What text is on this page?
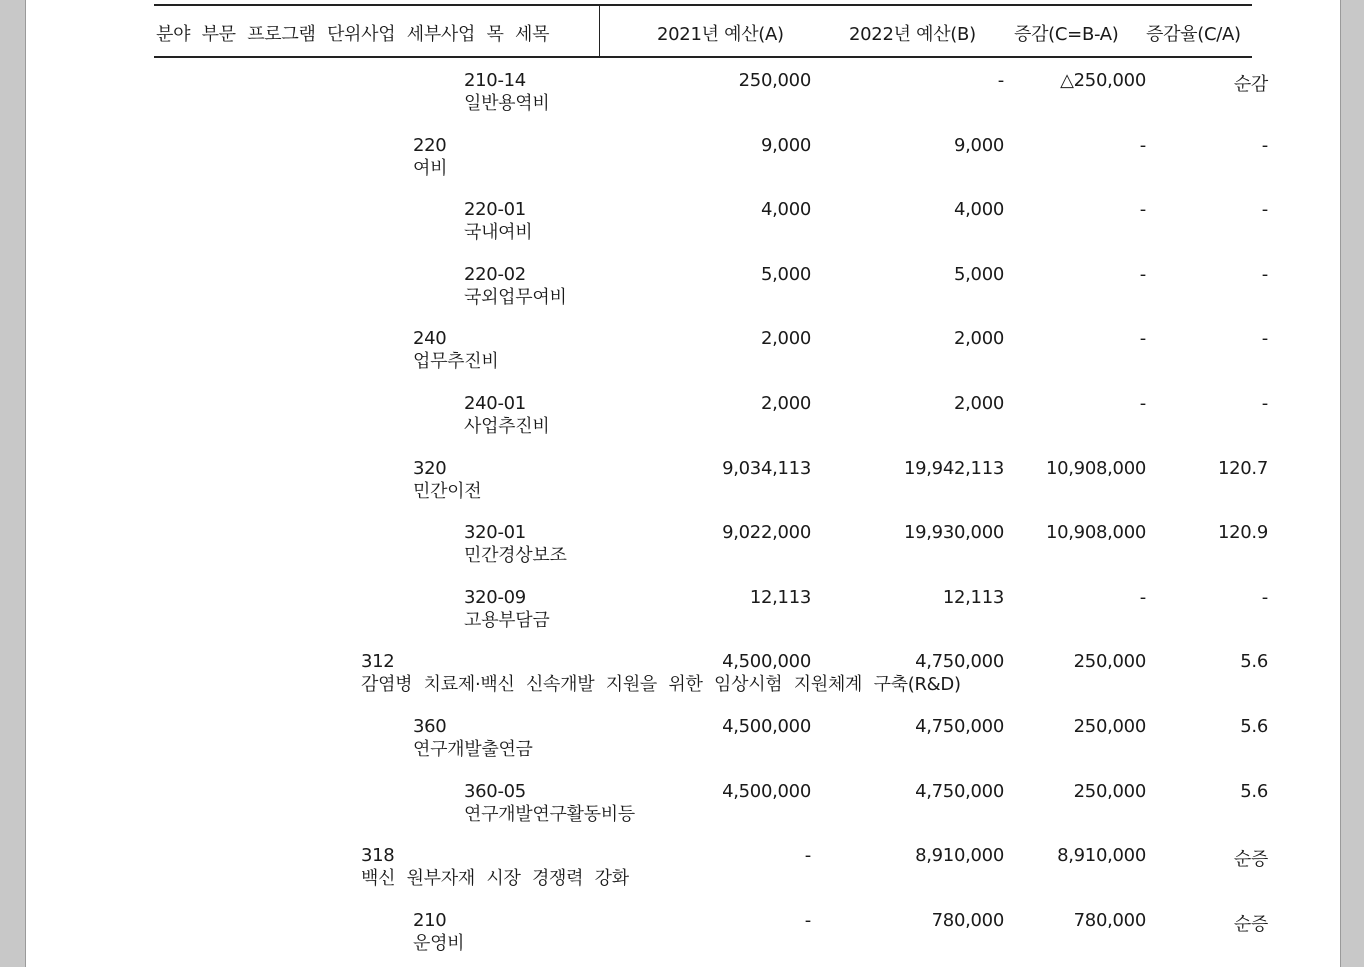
분야 부문 프로그램 단위사업 세부사업 목 세목	2021년 예산(A)	2022년 예산(B) 증감(C=B-A) 증감율(C/A)
210-14
일반용역비
250,000	-	△250,000	순감
220
여비
9,000	9,000	-	-
220-01
국내여비
4,000	4,000	-	-
220-02
국외업무여비
5,000	5,000	-	-
240
업무추진비
2,000	2,000	-	-
240-01
사업추진비
2,000	2,000	-	-
320
민간이전
9,034,113	19,942,113 10,908,000	120.7
320-01
민간경상보조
9,022,000	19,930,000 10,908,000	120.9
320-09
고용부담금
12,113	12,113	-	-
312
감염병 치료제·백신 신속개발 지원을 위한 임상시험 지원체계 구축(R&D)
4,500,000	4,750,000	250,000	5.6
360
연구개발출연금
4,500,000	4,750,000	250,000	5.6
360-05
연구개발연구활동비등
4,500,000	4,750,000	250,000	5.6
318
백신 원부자재 시장 경쟁력 강화
-	8,910,000	8,910,000	순증
210
운영비
-	780,000	780,000	순증
